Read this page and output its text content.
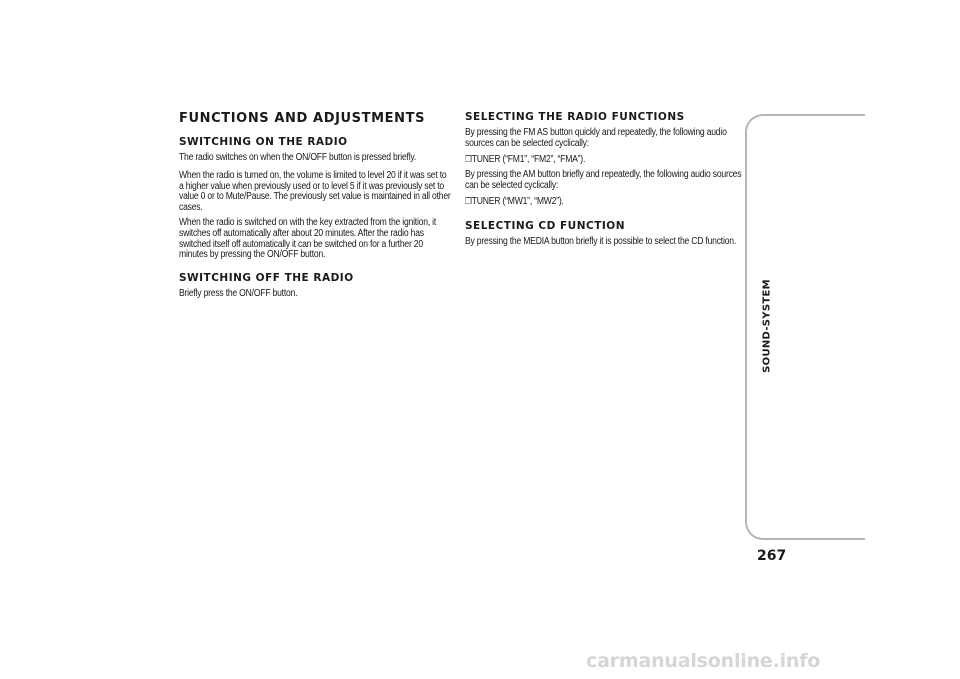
FUNCTIONS AND ADJUSTMENTS
SWITCHING ON THE RADIO

The radio switches on when the ON/OFF button is pressed briefly.

When the radio is turned on, the volume is limited to level 20 if it was set to a higher value when previously used or to level 5 if it was previously set to value 0 or to Mute/Pause. The previously set value is maintained in all other cases.

When the radio is switched on with the key extracted from the ignition, it switches off automatically after about 20 minutes. After the radio has switched itself off automatically it can be switched on for a further 20 minutes by pressing the ON/OFF button.

SWITCHING OFF THE RADIO

Briefly press the ON/OFF button.

SELECTING THE RADIO FUNCTIONS

By pressing the FM AS button quickly and repeatedly, the following audio sources can be selected cyclically:

❒TUNER (“FM1”, “FM2”, “FMA”).

By pressing the AM button briefly and repeatedly, the following audio sources can be selected cyclically:

❒TUNER (“MW1”, “MW2”).

SELECTING CD FUNCTION

By pressing the MEDIA button briefly it is possible to select the CD function.

SOUND-SYSTEM
267
carmanualsonline.info
